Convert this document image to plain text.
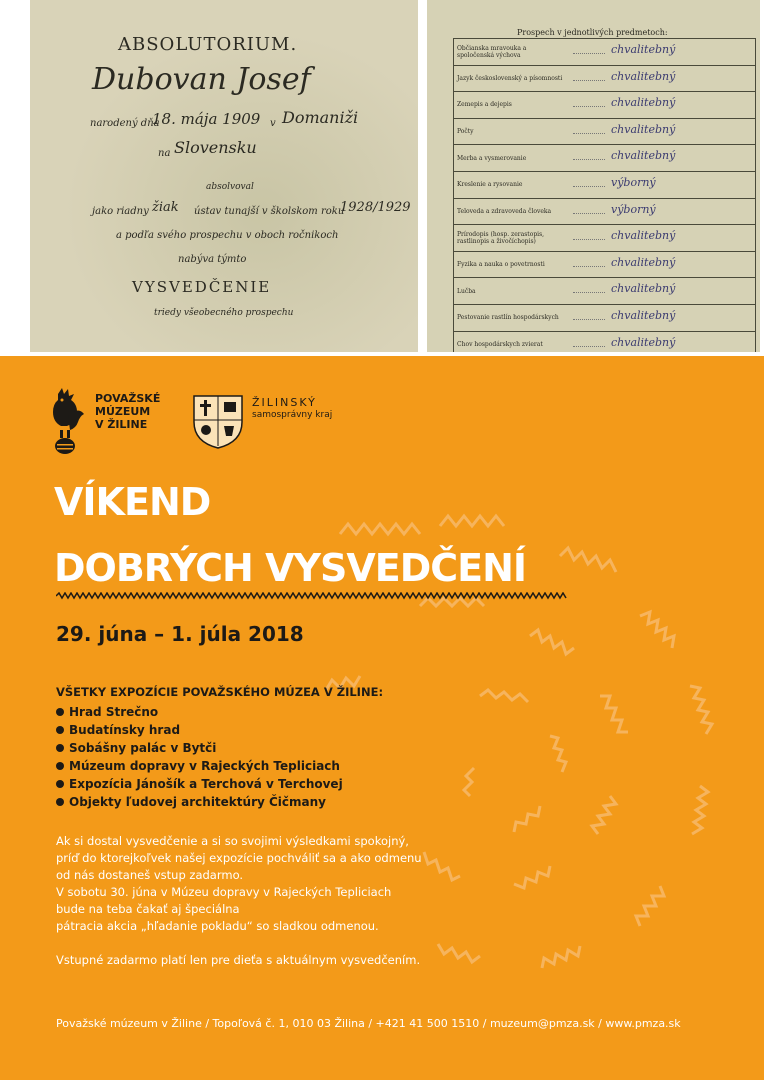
ABSOLUTORIUM.
Dubovan Josef
narodený dňa
18. mája 1909 v Domaniži
na Slovensku
absolvoval
jako riadny žiak ústav tunajší v školskom roku
1928/1929
a podľa svého prospechu v oboch ročnikoch
nabýva týmto
VYSVEDČENIE
triedy všeobecného prospechu
Prospech v jednotlivých predmetoch:
Občianska mravouka a spoločenská výchova	chvalitebný
Jazyk československý a písomnosti	chvalitebný
Zemepis a dejepis	chvalitebný
Počty	chvalitebný
Merba a vysmerovanie	chvalitebný
Kreslenie a rysovanie	výborný
Telovedа a zdravoveda človeka	výborný
Prírodopis (hosp. zerastopis, rastlinopis a živočíchopis)	chvalitebný
Fyzika a nauka o povetrnosti	chvalitebný
Lučba	chvalitebný
Pestovanie rastlín hospodárskych	chvalitebný
Chov hospodárskych zvierat	chvalitebný
POVAŽSKÉ
MÚZEUM
V ŽILINE
ŽILINSKÝ
samosprávny kraj
VÍKEND
DOBRÝCH VYSVEDČENÍ
29. júna – 1. júla 2018
VŠETKY EXPOZÍCIE POVAŽSKÉHO MÚZEA V ŽILINE:
Hrad Strečno
Budatínsky hrad
Sobášny palác v Bytči
Múzeum dopravy v Rajeckých Tepliciach
Expozícia Jánošík a Terchová v Terchovej
Objekty ľudovej architektúry Čičmany
Ak si dostal vysvedčenie a si so svojimi výsledkami spokojný,
príď do ktorejkoľvek našej expozície pochváliť sa a ako odmenu
od nás dostaneš vstup zadarmo.
V sobotu 30. júna v Múzeu dopravy v Rajeckých Tepliciach
bude na teba čakať aj špeciálna
pátracia akcia „hľadanie pokladu“ so sladkou odmenou.
Vstupné zadarmo platí len pre dieťa s aktuálnym vysvedčením.
Považské múzeum v Žiline / Topoľová č. 1, 010 03 Žilina / +421 41 500 1510 / muzeum@pmza.sk / www.pmza.sk
